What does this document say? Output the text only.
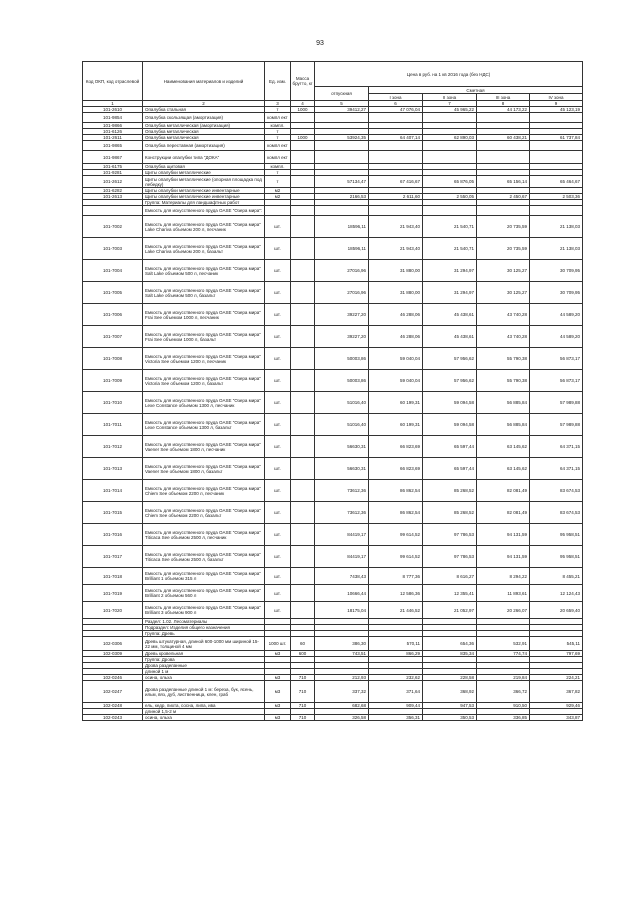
93
Код ОКП, код отраслевой	Наименования материалов и изделий	Ед. изм.	Масса брутто, кг	Цена в руб. на 1 кв 2016 года (без НДС)				
				отпускная	Сметная			
					I зона	II зона	III зона	IV зона
1	2	3	4	5	6	7	8	9
101-2610	Опалубка стальная	т	1000	39412,27	47 076,04	45 965,22	44 173,22	45 123,19
101-9854	Опалубка скользящая (амортизация)	компл ект						
101-9866	Опалубка металлическая (амортизация)	компл.						
101-6126	Опалубка металлическая	т						
101-2611	Опалубка металлическая	т	1000	53924,35	64 407,14	62 890,03	60 438,21	61 737,84
101-9865	Опалубка переставная (амортизация)	компл ект						
101-9867	Конструкции опалубки типа "ДОКА"	компл ект						
101-6175	Опалубка щитовая	компл.						
101-9281	Щиты опалубки металлические	т						
101-2612	Щиты опалубки металлические (опорная площадка под лебедку)	т		57134,47	67 416,67	65 876,05	65 156,14	65 464,67
101-6282	Щиты опалубки металлические инвентарные	м2						
101-2613	Щиты опалубки металлические инвентарные	м2		2166,53	2 611,60	2 550,05	2 450,67	2 503,36
	Группа: Материалы для ландшафтных работ							
	Емкость для искусственного пруда OASE "Озера мира":							
101-7002	Емкость для искусственного пруда OASE "Озера мира" Lake Chariva объемом 200 л, песчаник	шт.		18596,11	21 943,40	21 540,71	20 735,59	21 138,03
101-7003	Емкость для искусственного пруда OASE "Озера мира" Lake Chariva объемом 200 л, базальт	шт.		18596,11	21 943,40	21 540,71	20 735,59	21 138,03
101-7004	Емкость для искусственного пруда OASE "Озера мира" Salt Lake объемом 500 л, песчаник	шт.		27016,96	31 880,00	31 294,97	30 125,27	30 709,95
101-7005	Емкость для искусственного пруда OASE "Озера мира" Salt Lake объемом 500 л, базальт	шт.		27016,96	31 880,00	31 294,97	30 125,27	30 709,95
101-7006	Емкость для искусственного пруда OASE "Озера мира" Frai See объемом 1000 л, песчаник	шт.		39227,20	46 288,06	45 438,61	43 740,28	44 589,20
101-7007	Емкость для искусственного пруда OASE "Озера мира" Frai See объемом 1000 л, базальт	шт.		39227,20	46 288,06	45 438,61	43 740,28	44 589,20
101-7008	Емкость для искусственного пруда OASE "Озера мира" Victoria See объемом 1200 л, песчаник	шт.		50003,86	59 040,04	57 956,62	55 790,38	56 873,17
101-7009	Емкость для искусственного пруда OASE "Озера мира" Victoria See объемом 1200 л, базальт	шт.		50003,86	59 040,04	57 956,62	55 790,38	56 873,17
101-7010	Емкость для искусственного пруда OASE "Озера мира" Lexe Constance объемом 1300 л, песчаник	шт.		51016,40	60 199,31	59 094,58	56 885,84	57 989,88
101-7011	Емкость для искусственного пруда OASE "Озера мира" Lexe Constance объемом 1300 л, базальт	шт.		51016,40	60 199,31	59 094,58	56 885,84	57 989,88
101-7012	Емкость для искусственного пруда OASE "Озера мира" Vaener See объемом 1800 л, песчаник	шт.		56630,31	66 823,69	65 597,44	63 145,62	64 371,15
101-7013	Емкость для искусственного пруда OASE "Озера мира" Vaener See объемом 1800 л, базальт	шт.		56630,31	66 823,69	65 597,44	63 145,62	64 371,15
101-7014	Емкость для искусственного пруда OASE "Озера мира" Chiem See объемом 2200 л, песчаник	шт.		73612,36	86 862,54	85 268,52	82 081,49	83 674,53
101-7015	Емкость для искусственного пруда OASE "Озера мира" Chiem See объемом 2200 л, базальт	шт.		73612,36	86 862,54	85 268,52	82 081,49	83 674,53
101-7016	Емкость для искусственного пруда OASE "Озера мира" Titicaca See объемом 2500 л, песчаник	шт.		84419,17	99 614,52	97 786,53	94 131,59	95 958,51
101-7017	Емкость для искусственного пруда OASE "Озера мира" Titicaca See объемом 2500 л, базальт	шт.		84419,17	99 614,52	97 786,53	94 131,59	95 958,51
101-7018	Емкость для искусственного пруда OASE "Озера мира" Brilliant 1 объемом 315 л	шт.		7438,43	8 777,36	8 616,27	8 294,22	8 455,21
101-7019	Емкость для искусственного пруда OASE "Озера мира" Brilliant 2 объемом 560 л	шт.		10666,44	12 586,36	12 355,41	11 893,61	12 124,43
101-7020	Емкость для искусственного пруда OASE "Озера мира" Brilliant 3 объемом 900 л	шт.		18175,04	21 446,52	21 052,97	20 266,07	20 659,40
	Раздел: 1.02. Лесоматериалы							
	Подраздел: Изделия общего назначения							
	Группа: Древь							
102-0306	Древь штукатурная, длиной 600-1000 мм шириной 15-22 мм, толщиной 4 мм	1000 шт.	60	386,30	570,11	654,36	532,91	545,11
102-0309	Древь кровельная	м3	600	743,51	866,29	835,34	774,74	797,69
	Группа: Дрова							
	Дрова разделанные							
	длиной 1 м							
102-0246	осина, ольха	м3	710	212,93	232,62	228,58	219,84	224,21
102-0247	Дрова разделанные длиной 1 м: береза, бук, ясень, ильм, вяз, дуб, лиственница, клен, граб	м3	710	337,32	371,64	368,92	366,72	367,82
102-0248	ель, кедр, пихта, сосна, липа, ива	м3	710	682,68	909,44	947,53	910,50	929,46
	длиной 1,5-2 м							
102-0243	осина, ольха	м3	710	326,58	356,31	350,53	336,85	343,87
